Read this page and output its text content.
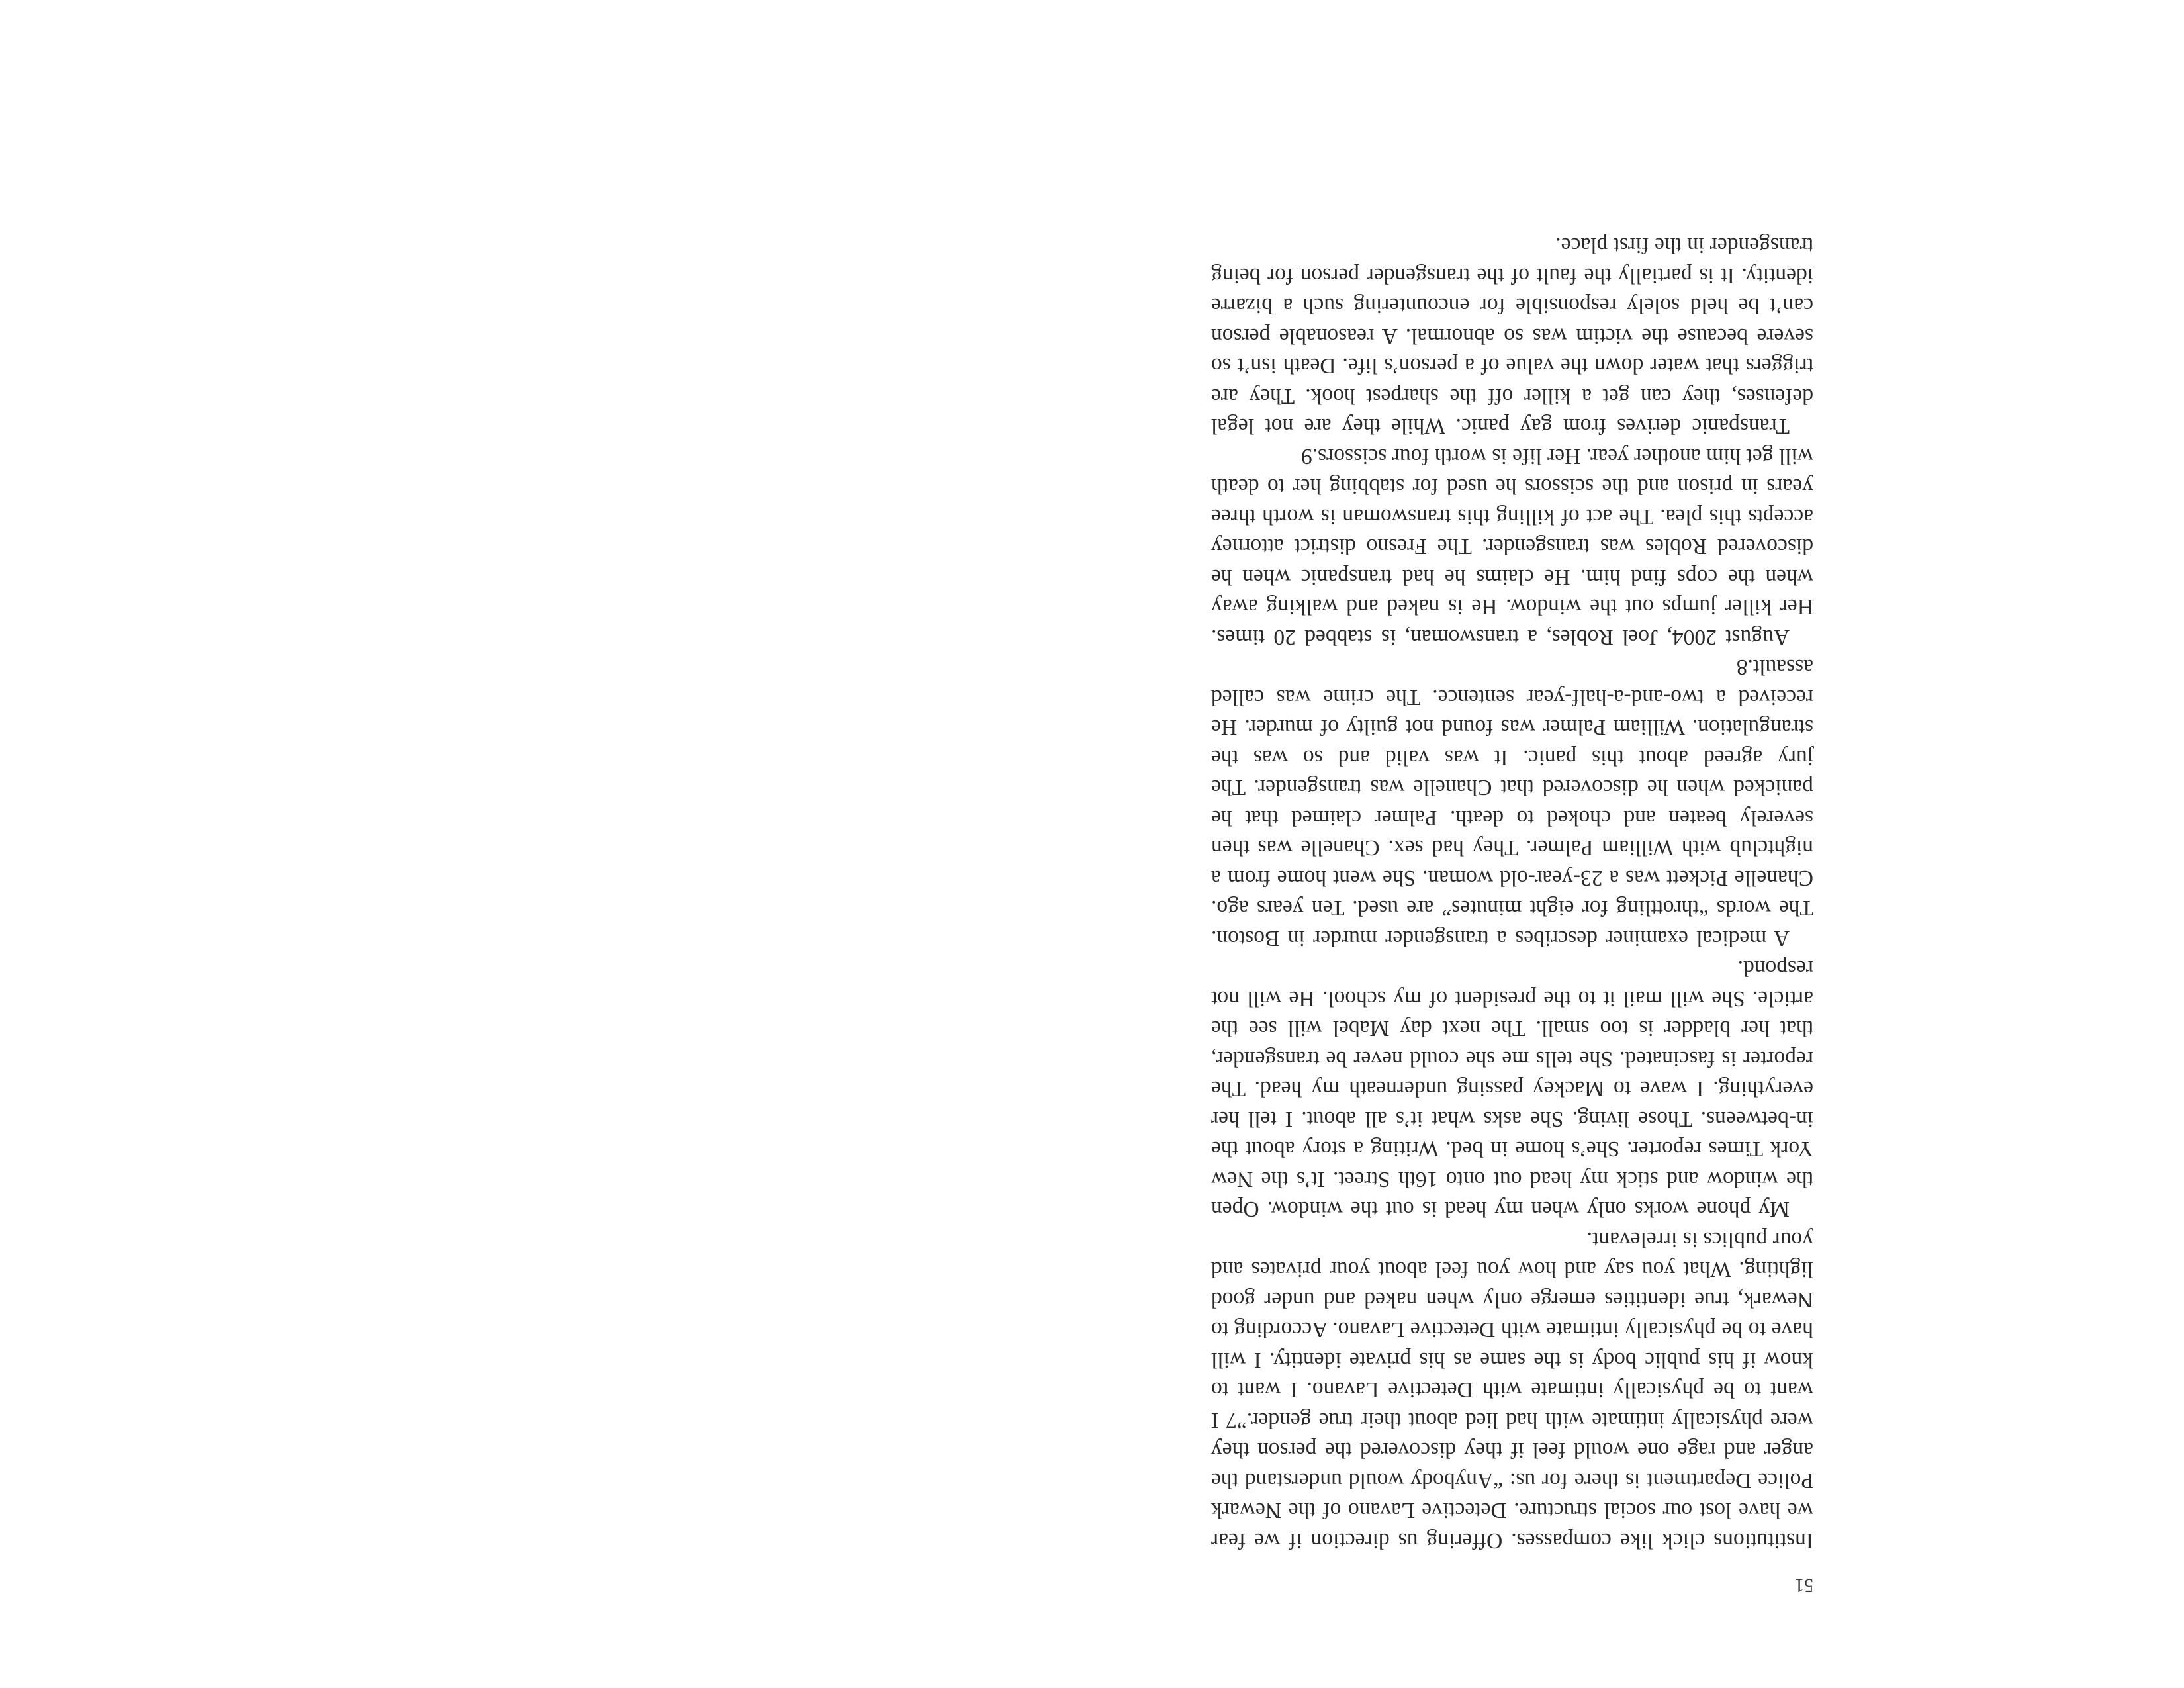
51

Institutions click like compasses. Offering us direction if we fear we have lost our social structure. Detective Lavano of the Newark Police Department is there for us: “Anybody would understand the anger and rage one would feel if they discovered the person they were physically intimate with had lied about their true gender.”7 I want to be physically intimate with Detective Lavano. I want to know if his public body is the same as his private identity. I will have to be physically intimate with Detective Lavano. According to Newark, true identities emerge only when naked and under good lighting. What you say and how you feel about your privates and your publics is irrelevant.

My phone works only when my head is out the window. Open the window and stick my head out onto 16th Street. It’s the New York Times reporter. She’s home in bed. Writing a story about the in-betweens. Those living. She asks what it’s all about. I tell her everything. I wave to Mackey passing underneath my head. The reporter is fascinated. She tells me she could never be transgender, that her bladder is too small. The next day Mabel will see the article. She will mail it to the president of my school. He will not respond.

A medical examiner describes a transgender murder in Boston. The words “throttling for eight minutes” are used. Ten years ago. Chanelle Pickett was a 23-year-old woman. She went home from a nightclub with William Palmer. They had sex. Chanelle was then severely beaten and choked to death. Palmer claimed that he panicked when he discovered that Chanelle was transgender. The jury agreed about this panic. It was valid and so was the strangulation. William Palmer was found not guilty of murder. He received a two-and-a-half-year sentence. The crime was called assault.8

August 2004, Joel Robles, a transwoman, is stabbed 20 times. Her killer jumps out the window. He is naked and walking away when the cops find him. He claims he had transpanic when he discovered Robles was transgender. The Fresno district attorney accepts this plea. The act of killing this transwoman is worth three years in prison and the scissors he used for stabbing her to death will get him another year. Her life is worth four scissors.9

Transpanic derives from gay panic. While they are not legal defenses, they can get a killer off the sharpest hook. They are triggers that water down the value of a person’s life. Death isn’t so severe because the victim was so abnormal. A reasonable person can’t be held solely responsible for encountering such a bizarre identity. It is partially the fault of the transgender person for being transgender in the first place.
